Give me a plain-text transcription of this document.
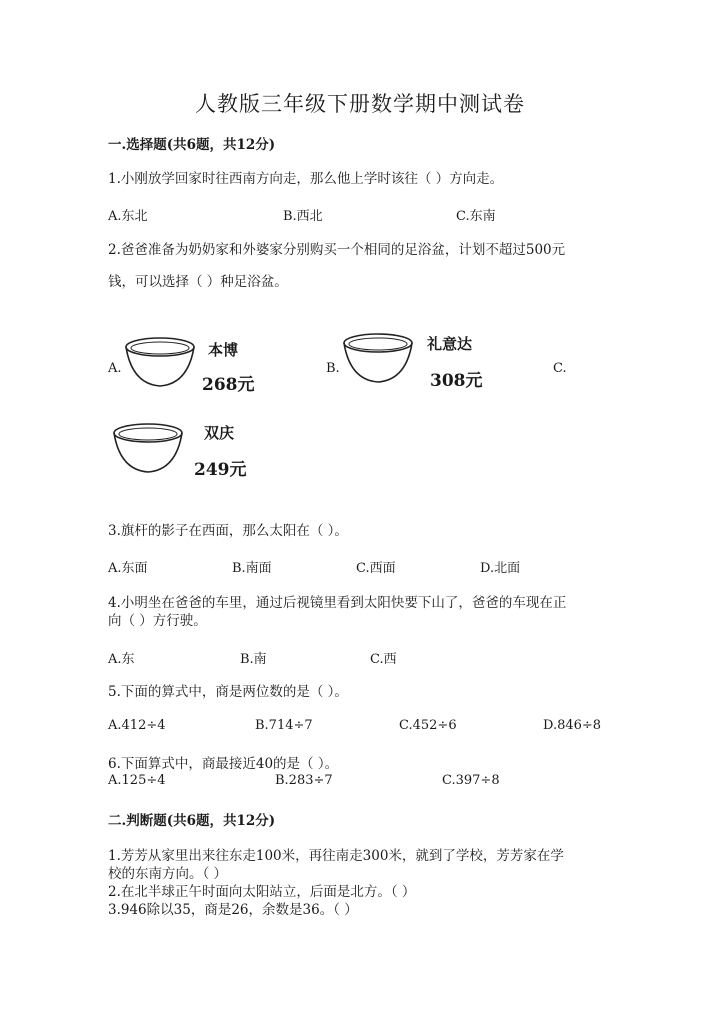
人教版三年级下册数学期中测试卷
一.选择题(共6题，共12分)
1.小刚放学回家时往西南方向走，那么他上学时该往（ ）方向走。
A.东北	B.西北	C.东南
2.爸爸准备为奶奶家和外婆家分别购买一个相同的足浴盆，计划不超过500元
钱，可以选择（ ）种足浴盆。
A.
本博
268元
B.
礼意达
308元
C.
双庆
249元
3.旗杆的影子在西面，那么太阳在（ ）。
A.东面	B.南面	C.西面	D.北面
4.小明坐在爸爸的车里，通过后视镜里看到太阳快要下山了，爸爸的车现在正
向（ ）方行驶。
A.东	B.南	C.西
5.下面的算式中，商是两位数的是（ ）。
A.412÷4	B.714÷7	C.452÷6	D.846÷8
6.下面算式中，商最接近40的是（ ）。
A.125÷4	B.283÷7	C.397÷8
二.判断题(共6题，共12分)
1.芳芳从家里出来往东走100米，再往南走300米，就到了学校，芳芳家在学
校的东南方向。（ ）
2.在北半球正午时面向太阳站立，后面是北方。（ ）
3.946除以35，商是26，余数是36。（ ）
